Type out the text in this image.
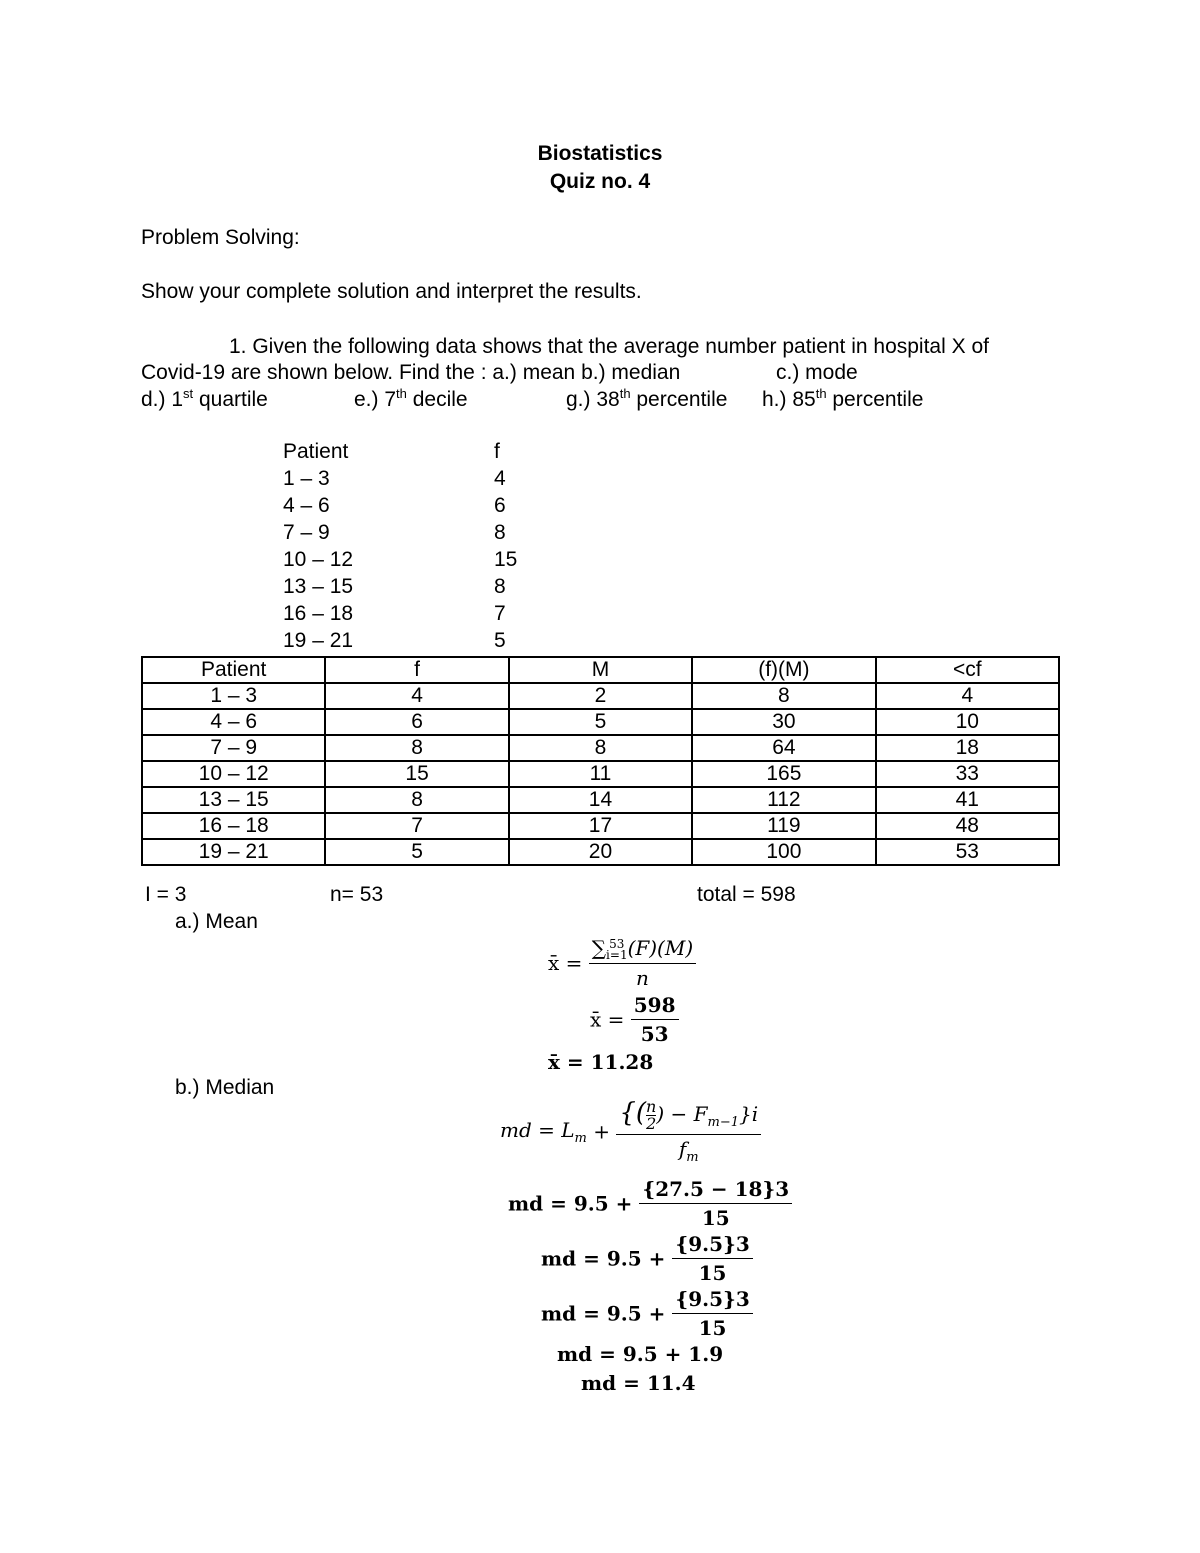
Biostatistics
Quiz no. 4
Problem Solving:
Show your complete solution and interpret the results.
1. Given the following data shows that the average number patient in hospital X of
Covid-19 are shown below. Find the : a.) mean b.) median	c.) mode
d.) 1st quartile	e.) 7th decile	g.) 38th percentile h.) 85th percentile
Patient	f
1 – 3	4
4 – 6	6
7 – 9	8
10 – 12	15
13 – 15	8
16 – 18	7
19 – 21	5
Patient	f	M	(f)(M)	<cf
1 – 3	4	2	8	4
4 – 6	6	5	30	10
7 – 9	8	8	64	18
10 – 12	15	11	165	33
13 – 15	8	14	112	41
16 – 18	7	17	119	48
19 – 21	5	20	100	53
I = 3	n= 53	total = 598
a.) Mean
x̄ = ∑ 53
i=1 (F)(M)
n
x̄ = $\frac{598}{53}$
x̄ = 11.28
b.) Median
md = $L_m + \frac{\{( \frac{n}{2} ) - F_{m-1}\}i}{f_m}$
md = $9.5 + \frac{\{27.5 - 18\}3}{15}$
md = $9.5 + \frac{\{9.5\}3}{15}$
md = $9.5 + \frac{\{9.5\}3}{15}$
md = 9.5 + 1.9
md = 11.4
